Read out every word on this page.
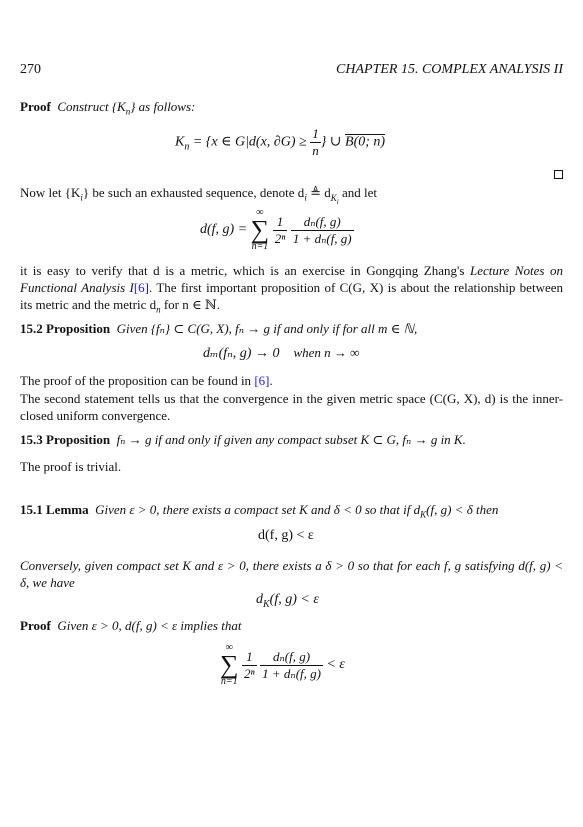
270	CHAPTER 15. COMPLEX ANALYSIS II
Proof Construct $\{K_n\}$ as follows:
$K_n = \{x$ ∈ G|d(x, $\partial G) \ge \frac{1}{n}$ } ∪ B(0; n)
Now let $\{K_i\}$ be such an exhausted sequence, denote $d_i$ ≜ $d_{K_i}$ and let
d(f, g) =
∞
∑
n=1
$\frac{1}{\text{2ⁿ}}$
$\frac{\text{dₙ(f, g)}}{\text{1 + dₙ(f, g)}}$
it is easy to verify that d is a metric, which is an exercise in Gongqing Zhang's Lecture Notes on Functional Analysis I[6]. The first important proposition of C(G, X) is about the relationship between its metric and the metric $d_n$ for n ∈ ℕ.
15.2 Proposition Given {fₙ} ⊂ C(G, X), fₙ → g if and only if for all m ∈ ℕ,
dₘ(fₙ, g) → 0 when n → ∞
The proof of the proposition can be found in [6].
The second statement tells us that the convergence in the given metric space (C(G, X), d) is the inner-closed uniform convergence.
15.3 Proposition fₙ → g if and only if given any compact subset K ⊂ G, fₙ → g in K.
The proof is trivial.
15.1 Lemma Given ε > 0, there exists a compact set K and δ < 0 so that if $d_K(f$, g) < δ then
d(f, g) < ε
Conversely, given compact set K and ε > 0, there exists a δ > 0 so that for each f, g satisfying d(f, g) < δ, we have
$d_K(f$, g) < ε
Proof Given ε > 0, d(f, g) < ε implies that
∞
∑
n=1
$\frac{1}{\text{2ⁿ}}$
$\frac{\text{dₙ(f, g)}}{\text{1 + dₙ(f, g)}} < \varepsilon$
